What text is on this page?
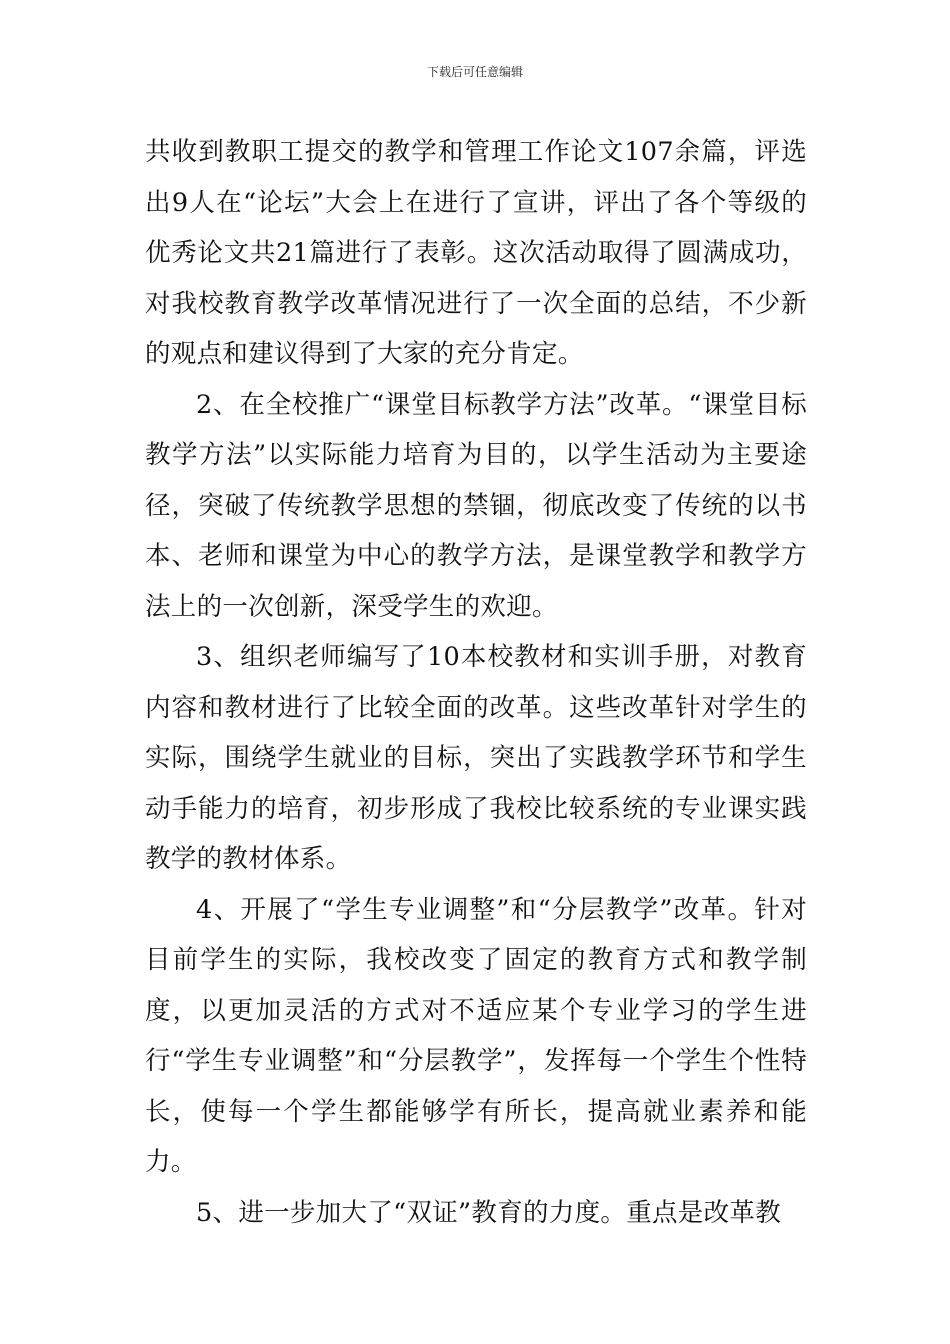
下载后可任意编辑

共收到教职工提交的教学和管理工作论文107余篇，评选出9人在“论坛”大会上在进行了宣讲，评出了各个等级的优秀论文共21篇进行了表彰。这次活动取得了圆满成功，对我校教育教学改革情况进行了一次全面的总结，不少新的观点和建议得到了大家的充分肯定。

2、在全校推广“课堂目标教学方法”改革。“课堂目标教学方法”以实际能力培育为目的，以学生活动为主要途径，突破了传统教学思想的禁锢，彻底改变了传统的以书本、老师和课堂为中心的教学方法，是课堂教学和教学方法上的一次创新，深受学生的欢迎。

3、组织老师编写了10本校教材和实训手册，对教育内容和教材进行了比较全面的改革。这些改革针对学生的实际，围绕学生就业的目标，突出了实践教学环节和学生动手能力的培育，初步形成了我校比较系统的专业课实践教学的教材体系。

4、开展了“学生专业调整”和“分层教学”改革。针对目前学生的实际，我校改变了固定的教育方式和教学制度，以更加灵活的方式对不适应某个专业学习的学生进行“学生专业调整”和“分层教学”，发挥每一个学生个性特长，使每一个学生都能够学有所长，提高就业素养和能力。

5、进一步加大了“双证”教育的力度。重点是改革教
